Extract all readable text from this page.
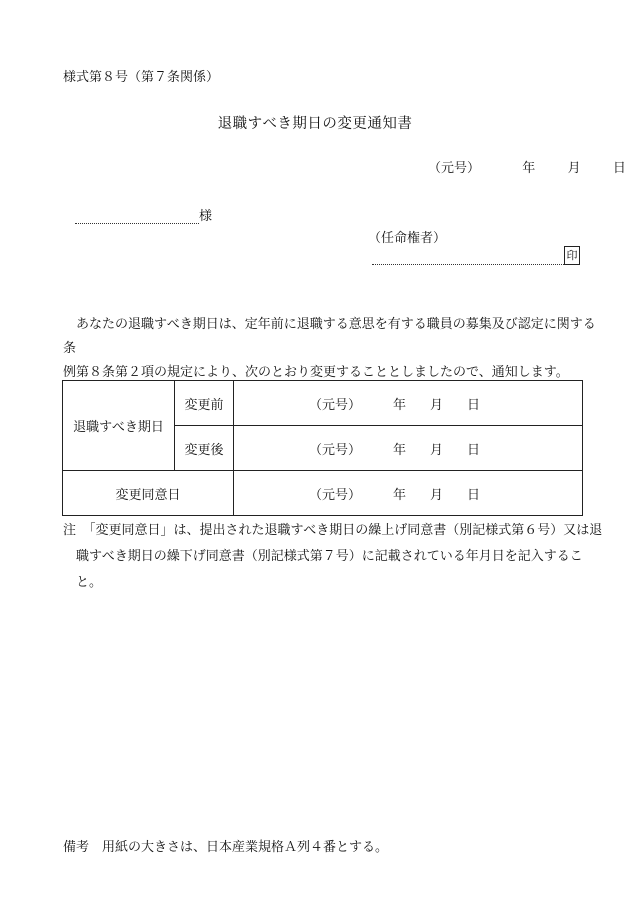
様式第８号（第７条関係）
退職すべき期日の変更通知書
（元号）	年 月 日
様
（任命権者）
印

あなたの退職すべき期日は、定年前に退職する意思を有する職員の募集及び認定に関する条

例第８条第２項の規定により、次のとおり変更することとしましたので、通知します。

退職すべき期日
変更前
変更後
変更同意日
（元号） 年 月 日
（元号） 年 月 日
（元号） 年 月 日

注　「変更同意日」は、提出された退職すべき期日の繰上げ同意書（別記様式第６号）又は退

職すべき期日の繰下げ同意書（別記様式第７号）に記載されている年月日を記入すること。

備考　用紙の大きさは、日本産業規格Ａ列４番とする。
